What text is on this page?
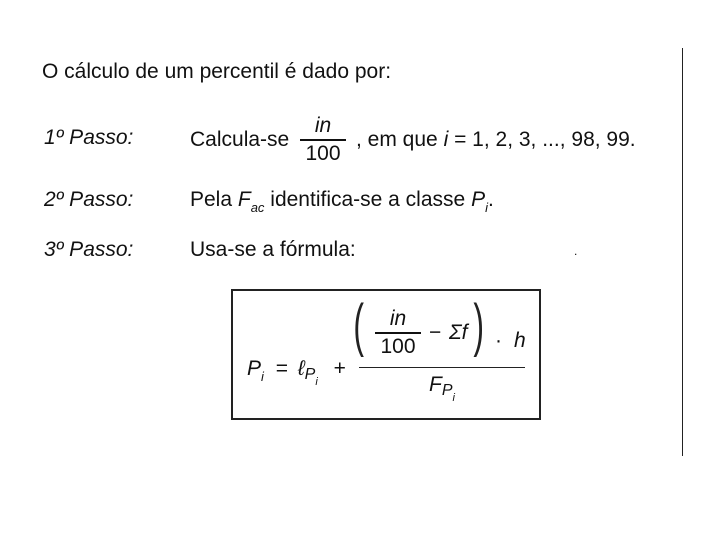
O cálculo de um percentil é dado por:
1º Passo:	Calcula-se
in
100
, em que i = 1, 2, 3, ..., 98, 99.
2º Passo:	Pela $F_{ac}$ identifica-se a classe $P_i$.
3º Passo:	Usa-se a fórmula:	.
$P_i$ = ℓP$_i$ +
( )
in
100
− Σf · h
$FP_i$
